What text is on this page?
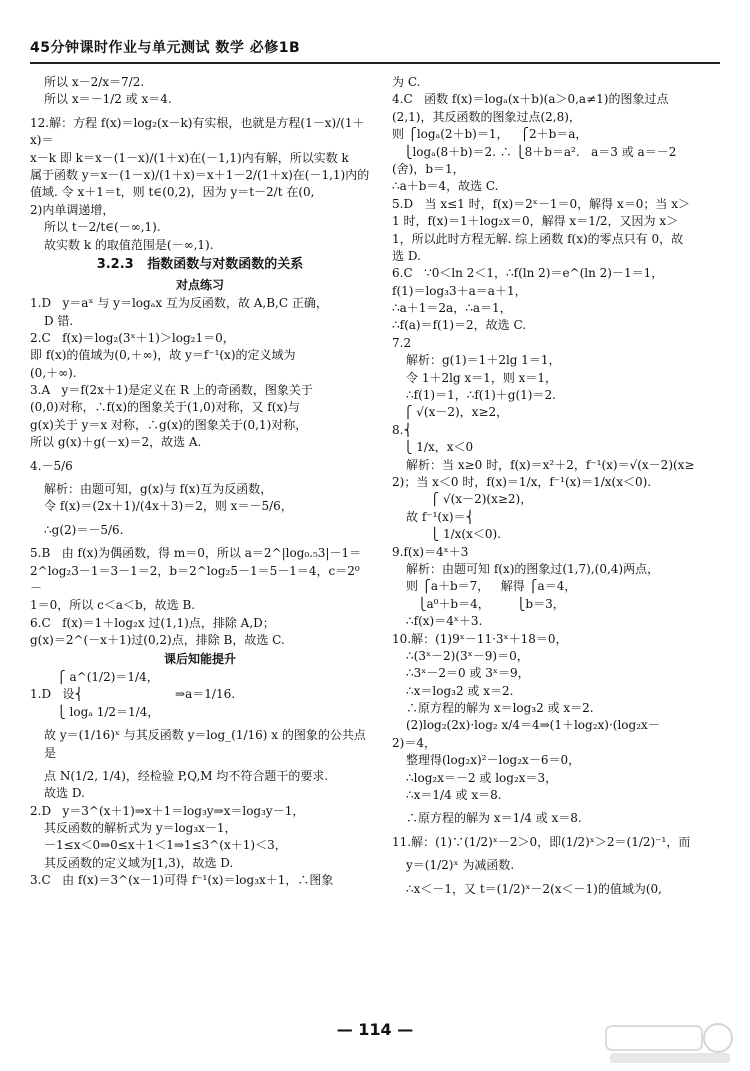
45分钟课时作业与单元测试 数学 必修1B
所以 x－2/x＝7/2.
所以 x＝－1/2 或 x＝4.
12.解：方程 f(x)＝log₂(x－k)有实根，也就是方程(1－x)/(1＋x)＝
x－k 即 k＝x－(1－x)/(1＋x)在(－1,1)内有解，所以实数 k
属于函数 y＝x－(1－x)/(1＋x)＝x＋1－2/(1＋x)在(－1,1)内的
值域. 令 x＋1＝t，则 t∈(0,2)，因为 y＝t－2/t 在(0,
2)内单调递增，
所以 t－2/t∈(－∞,1).
故实数 k 的取值范围是(－∞,1).
3.2.3   指数函数与对数函数的关系
对点练习
1.D   y＝aˣ 与 y＝logₐx 互为反函数，故 A,B,C 正确，
D 错.
2.C   f(x)＝log₂(3ˣ＋1)＞log₂1＝0，
即 f(x)的值域为(0,＋∞)，故 y＝f⁻¹(x)的定义域为
(0,＋∞).
3.A   y＝f(2x＋1)是定义在 R 上的奇函数，图象关于
(0,0)对称，∴f(x)的图象关于(1,0)对称，又 f(x)与
g(x)关于 y＝x 对称，∴g(x)的图象关于(0,1)对称，
所以 g(x)＋g(－x)＝2，故选 A.
4.－5/6
解析：由题可知，g(x)与 f(x)互为反函数，
令 f(x)＝(2x＋1)/(4x＋3)＝2，则 x＝－5/6，
∴g(2)＝－5/6.
5.B   由 f(x)为偶函数，得 m＝0，所以 a＝2^|log₀.₅3|－1＝
2^log₂3－1＝3－1＝2，b＝2^log₂5－1＝5－1＝4，c＝2⁰－
1＝0，所以 c＜a＜b，故选 B.
6.C   f(x)＝1＋log₂x 过(1,1)点，排除 A,D；
g(x)＝2^(－x＋1)过(0,2)点，排除 B，故选 C.
课后知能提升
⎧ a^(1/2)＝1/4，
1.D   设⎨                        ⇒a＝1/16.
⎩ logₐ 1/2＝1/4，
故 y＝(1/16)ˣ 与其反函数 y＝log_(1/16) x 的图象的公共点是
点 N(1/2, 1/4)，经检验 P,Q,M 均不符合题干的要求.
故选 D.
2.D   y＝3^(x＋1)⇒x＋1＝log₃y⇒x＝log₃y－1，
其反函数的解析式为 y＝log₃x－1，
－1≤x＜0⇒0≤x＋1＜1⇒1≤3^(x＋1)＜3，
其反函数的定义域为[1,3)，故选 D.
3.C   由 f(x)＝3^(x－1)可得 f⁻¹(x)＝log₃x＋1，∴图象
为 C.
4.C   函数 f(x)＝logₐ(x＋b)(a＞0,a≠1)的图象过点
(2,1)，其反函数的图象过点(2,8)，
则 ⎧logₐ(2＋b)＝1，   ⎧2＋b＝a，
⎩logₐ(8＋b)＝2. ∴ ⎩8＋b＝a².   a＝3 或 a＝－2
(舍)，b＝1，
∴a＋b＝4，故选 C.
5.D   当 x≤1 时，f(x)＝2ˣ－1＝0，解得 x＝0；当 x＞
1 时，f(x)＝1＋log₂x＝0，解得 x＝1/2，又因为 x＞
1，所以此时方程无解. 综上函数 f(x)的零点只有 0，故
选 D.
6.C   ∵0＜ln 2＜1，∴f(ln 2)＝e^(ln 2)－1＝1，
f(1)＝log₃3＋a＝a＋1，
∴a＋1＝2a，∴a＝1，
∴f(a)＝f(1)＝2，故选 C.
7.2
解析：g(1)＝1＋2lg 1＝1，
令 1＋2lg x＝1，则 x＝1，
∴f(1)＝1，∴f(1)＋g(1)＝2.
⎧ √(x－2)，x≥2，
8.⎨
⎩ 1/x，x＜0
解析：当 x≥0 时，f(x)＝x²＋2，f⁻¹(x)＝√(x－2)(x≥
2)；当 x＜0 时，f(x)＝1/x，f⁻¹(x)＝1/x(x＜0).
⎧ √(x－2)(x≥2)，
故 f⁻¹(x)＝⎨
⎩ 1/x(x＜0).
9.f(x)＝4ˣ＋3
解析：由题可知 f(x)的图象过(1,7),(0,4)两点，
则 ⎧a＋b＝7，   解得 ⎧a＝4，
⎩a⁰＋b＝4，       ⎩b＝3，
∴f(x)＝4ˣ＋3.
10.解：(1)9ˣ－11·3ˣ＋18＝0，
∴(3ˣ－2)(3ˣ－9)＝0，
∴3ˣ－2＝0 或 3ˣ＝9，
∴x＝log₃2 或 x＝2.
∴原方程的解为 x＝log₃2 或 x＝2.
(2)log₂(2x)·log₂ x/4＝4⇒(1＋log₂x)·(log₂x－
2)＝4，
整理得(log₂x)²－log₂x－6＝0，
∴log₂x＝－2 或 log₂x＝3，
∴x＝1/4 或 x＝8.
∴原方程的解为 x＝1/4 或 x＝8.
11.解：(1)∵(1/2)ˣ－2＞0，即(1/2)ˣ＞2＝(1/2)⁻¹，而
y＝(1/2)ˣ 为减函数.
∴x＜－1，又 t＝(1/2)ˣ－2(x＜－1)的值域为(0,
— 114 —
